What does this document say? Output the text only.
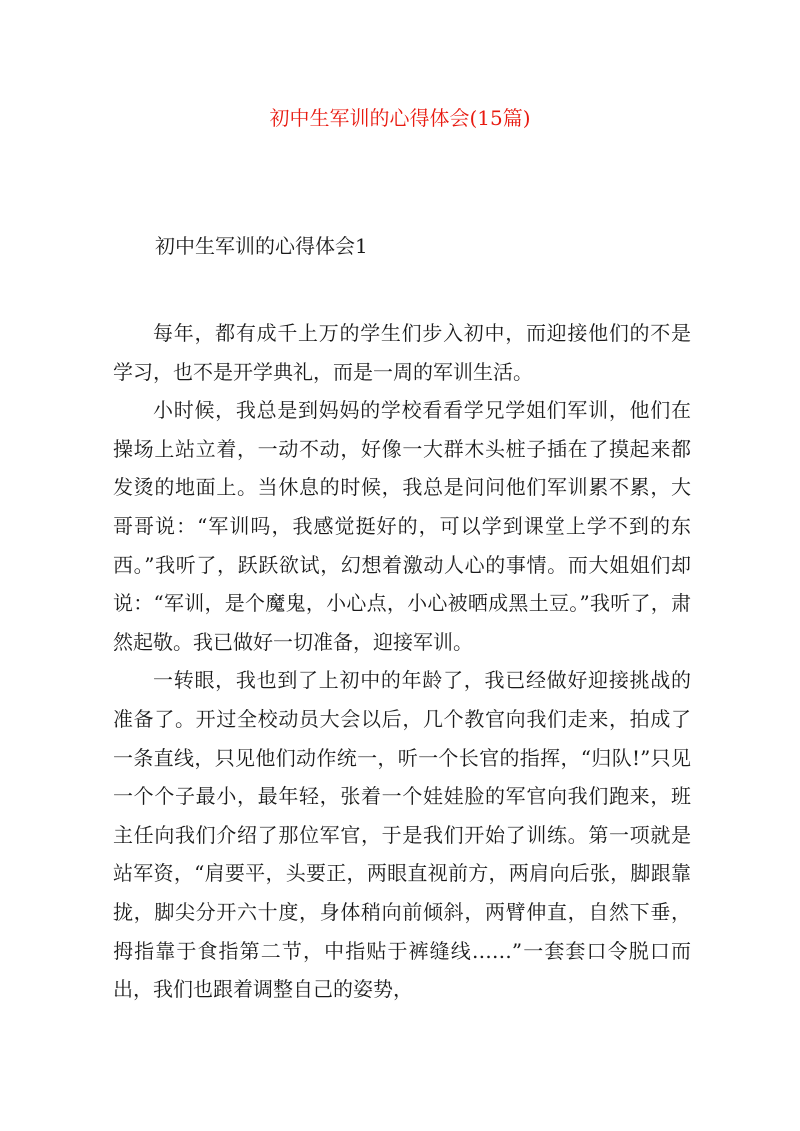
初中生军训的心得体会(15篇)
初中生军训的心得体会1

每年，都有成千上万的学生们步入初中，而迎接他们的不是学习，也不是开学典礼，而是一周的军训生活。

小时候，我总是到妈妈的学校看看学兄学姐们军训，他们在操场上站立着，一动不动，好像一大群木头桩子插在了摸起来都发烫的地面上。当休息的时候，我总是问问他们军训累不累，大哥哥说：“军训吗，我感觉挺好的，可以学到课堂上学不到的东西。”我听了，跃跃欲试，幻想着激动人心的事情。而大姐姐们却说：“军训，是个魔鬼，小心点，小心被晒成黑土豆。”我听了，肃然起敬。我已做好一切准备，迎接军训。

一转眼，我也到了上初中的年龄了，我已经做好迎接挑战的准备了。开过全校动员大会以后，几个教官向我们走来，拍成了一条直线，只见他们动作统一，听一个长官的指挥，“归队!”只见一个个子最小，最年轻，张着一个娃娃脸的军官向我们跑来，班主任向我们介绍了那位军官，于是我们开始了训练。第一项就是站军资，“肩要平，头要正，两眼直视前方，两肩向后张，脚跟靠拢，脚尖分开六十度，身体稍向前倾斜，两臂伸直，自然下垂，拇指靠于食指第二节，中指贴于裤缝线……”一套套口令脱口而出，我们也跟着调整自己的姿势，
